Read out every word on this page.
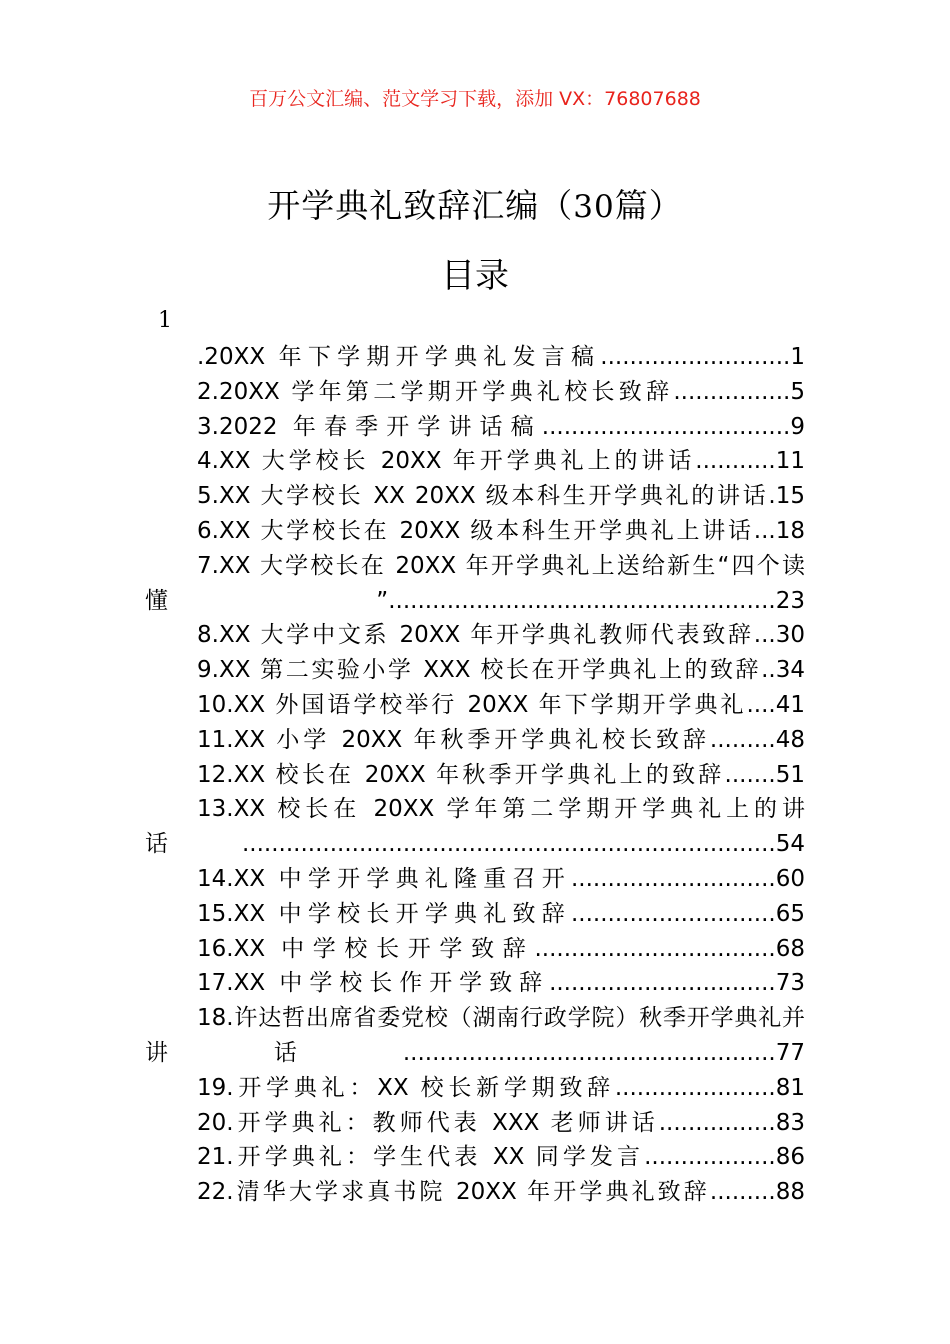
百万公文汇编、范文学习下载，添加 VX：76807688
开学典礼致辞汇编（30篇）
目录
1
.20XX 年下学期开学典礼发言稿..........................1
2.20XX 学年第二学期开学典礼校长致辞................5
3.2022 年春季开学讲话稿..................................9
4.XX 大学校长 20XX 年开学典礼上的讲话...........11
5.XX 大学校长 XX 20XX 级本科生开学典礼的讲话.15
6.XX 大学校长在 20XX 级本科生开学典礼上讲话...18
7.XX 大学校长在 20XX 年开学典礼上送给新生“四个读懂”.....................................................23
8.XX 大学中文系 20XX 年开学典礼教师代表致辞...30
9.XX 第二实验小学 XXX 校长在开学典礼上的致辞..34
10.XX 外国语学校举行 20XX 年下学期开学典礼....41
11.XX 小学 20XX 年秋季开学典礼校长致辞.........48
12.XX 校长在 20XX 年秋季开学典礼上的致辞.......51
13.XX 校长在 20XX 学年第二学期开学典礼上的讲话.........................................................................54
14.XX 中学开学典礼隆重召开............................60
15.XX 中学校长开学典礼致辞............................65
16.XX 中学校长开学致辞.................................68
17.XX 中学校长作开学致辞...............................73
18.许达哲出席省委党校（湖南行政学院）秋季开学典礼并讲话...................................................77
19.开学典礼：XX 校长新学期致辞......................81
20.开学典礼：教师代表 XXX 老师讲话................83
21.开学典礼：学生代表 XX 同学发言..................86
22.清华大学求真书院 20XX 年开学典礼致辞.........88
